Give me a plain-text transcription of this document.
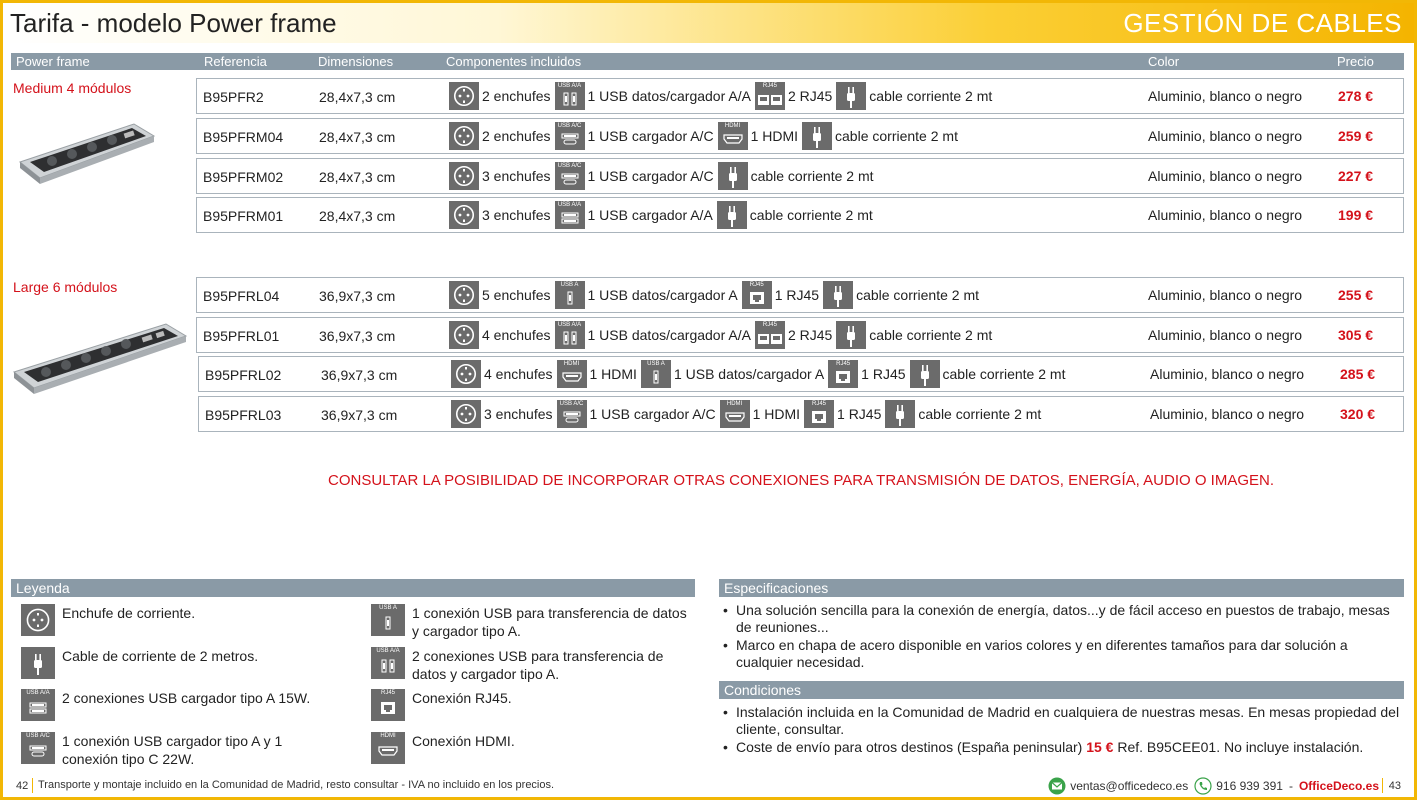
Tarifa - modelo Power frame	GESTIÓN DE CABLES
Power frame	Referencia	Dimensiones	Componentes incluidos	Color	Precio
Medium 4 módulos
Large 6 módulos
B95PFR2	28,4x7,3 cm	2 enchufes
USB A/A
1 USB datos/cargador A/A
RJ45
2 RJ45	cable corriente 2 mt	Aluminio, blanco o negro	278 €
B95PFRM04	28,4x7,3 cm	2 enchufes
USB A/C
1 USB cargador A/C
HDMI
1 HDMI	cable corriente 2 mt	Aluminio, blanco o negro	259 €
B95PFRM02	28,4x7,3 cm	3 enchufes
USB A/C
1 USB cargador A/C	cable corriente 2 mt	Aluminio, blanco o negro	227 €
B95PFRM01	28,4x7,3 cm	3 enchufes
USB A/A
1 USB cargador A/A	cable corriente 2 mt	Aluminio, blanco o negro	199 €
B95PFRL04	36,9x7,3 cm	5 enchufes
USB A
1 USB datos/cargador A
RJ45
1 RJ45	cable corriente 2 mt	Aluminio, blanco o negro	255 €
B95PFRL01	36,9x7,3 cm	4 enchufes
USB A/A
1 USB datos/cargador A/A
RJ45
2 RJ45	cable corriente 2 mt	Aluminio, blanco o negro	305 €
B95PFRL02	36,9x7,3 cm	4 enchufes
HDMI
1 HDMI
USB A
1 USB datos/cargador A
RJ45
1 RJ45	cable corriente 2 mt	Aluminio, blanco o negro	285 €
B95PFRL03	36,9x7,3 cm	3 enchufes
USB A/C
1 USB cargador A/C
HDMI
1 HDMI
RJ45
1 RJ45	cable corriente 2 mt	Aluminio, blanco o negro	320 €
CONSULTAR LA POSIBILIDAD DE INCORPORAR OTRAS CONEXIONES PARA TRANSMISIÓN DE DATOS, ENERGÍA, AUDIO O IMAGEN.
Leyenda
Enchufe de corriente.
Cable de corriente de 2 metros.
USB A/A 2 conexiones USB cargador tipo A 15W.
USB A/C 1 conexión USB cargador tipo A y 1 conexión tipo C 22W.
USB A	1 conexión USB para transferencia de datos y cargador tipo A.
USB A/A 2 conexiones USB para transferencia de datos y cargador tipo A.
RJ45	Conexión RJ45.
HDMI	Conexión HDMI.
Especificaciones
• Una solución sencilla para la conexión de energía, datos...y de fácil acceso en puestos de trabajo, mesas de reuniones...
• Marco en chapa de acero disponible en varios colores y en diferentes tamaños para dar solución a cualquier necesidad.
Condiciones
• Instalación incluida en la Comunidad de Madrid en cualquiera de nuestras mesas. En mesas propiedad del cliente, consultar.
• Coste de envío para otros destinos (España peninsular) 15 € Ref. B95CEE01. No incluye instalación.
42 Transporte y montaje incluido en la Comunidad de Madrid, resto consultar - IVA no incluido en los precios.	ventas@officedeco.es 916 939 391 - OfficeDeco.es 43
